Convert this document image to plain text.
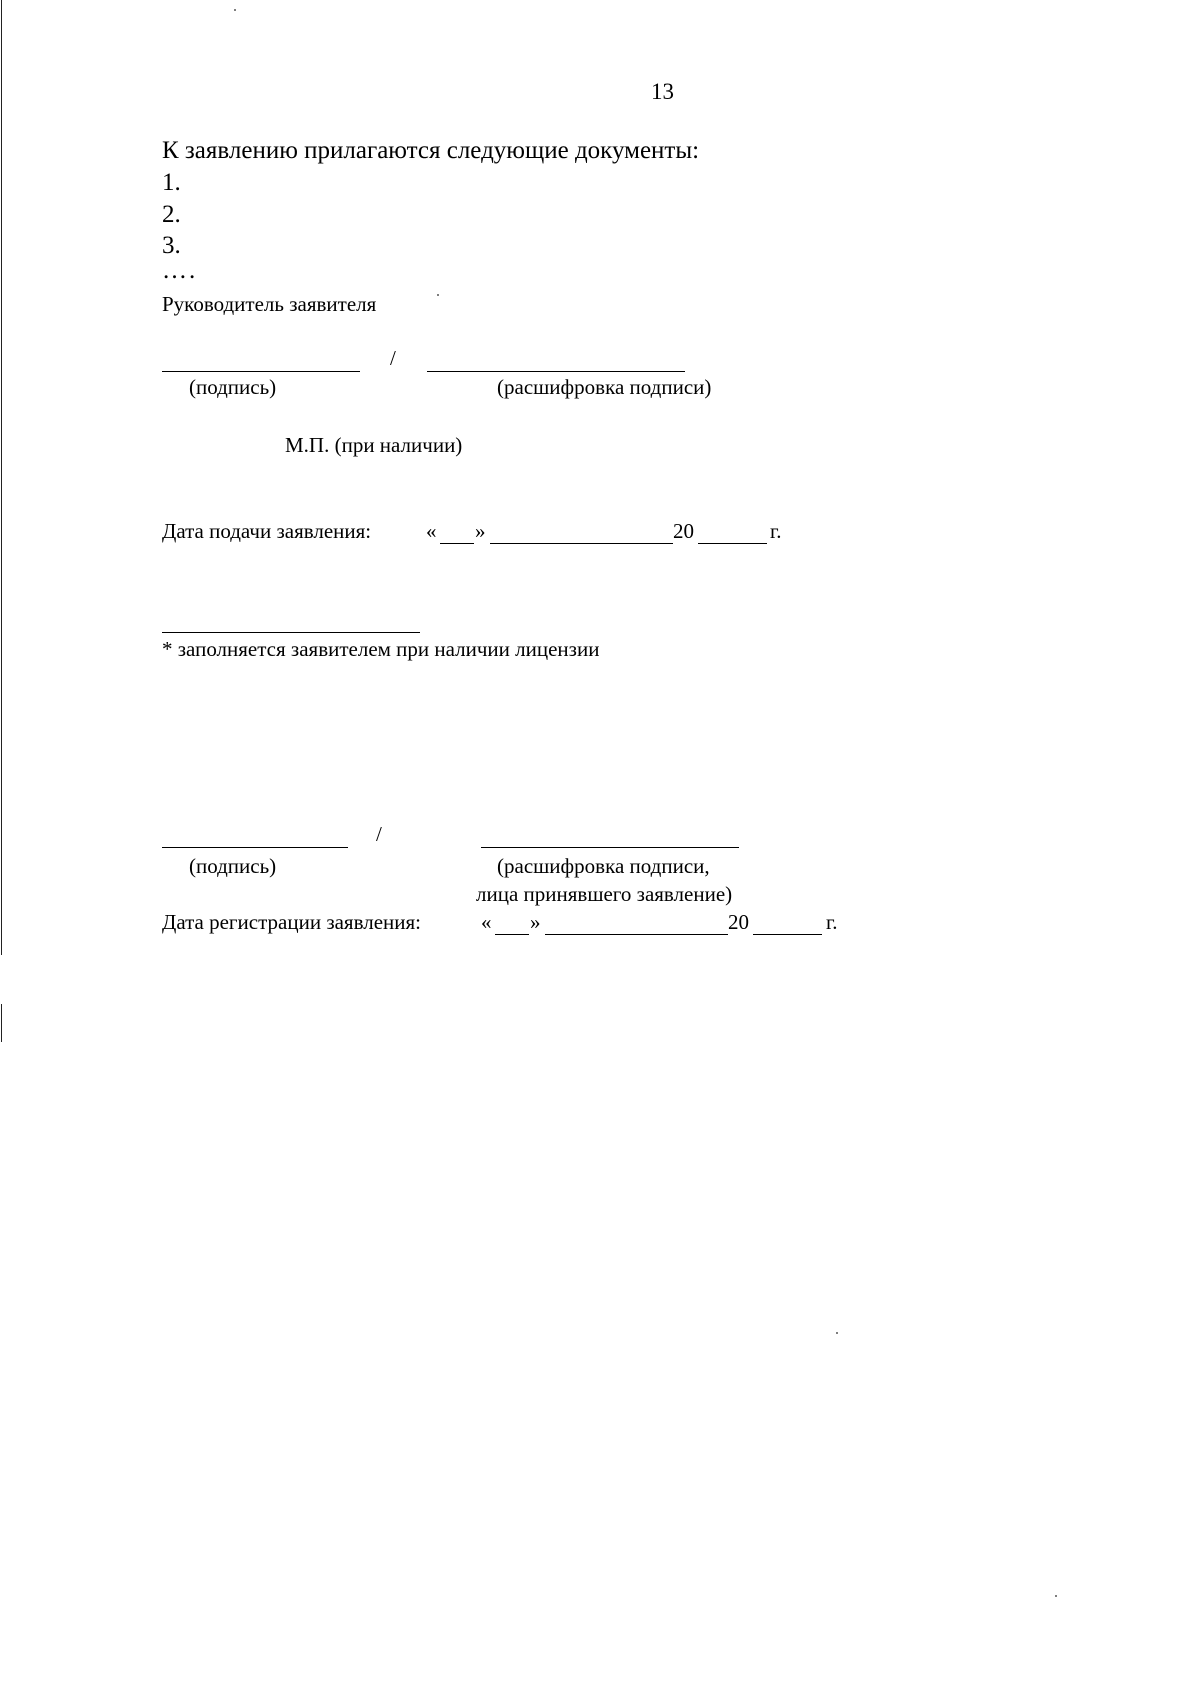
13
К заявлению прилагаются следующие документы:
1.
2.
3.
….
Руководитель заявителя
/
(подпись)	(расшифровка подписи)
М.П. (при наличии)
Дата подачи заявления:	« »	20	г.
* заполняется заявителем при наличии лицензии
/
(подпись)	(расшифровка подписи,
лица принявшего заявление)
Дата регистрации заявления:	« »	20	г.
